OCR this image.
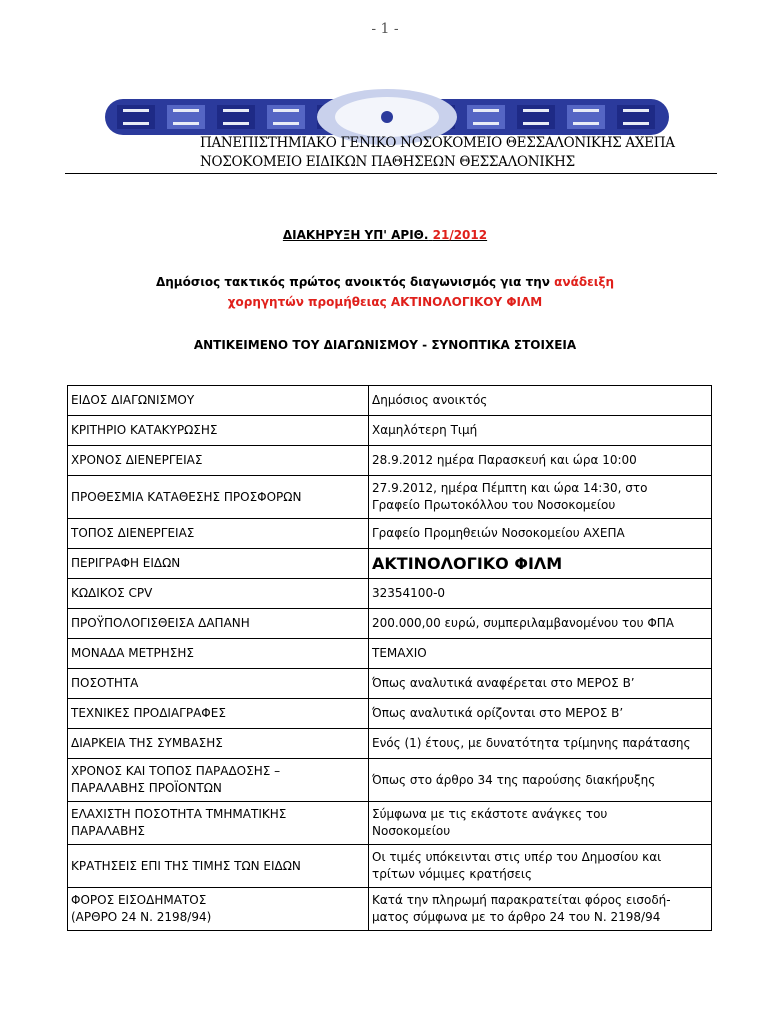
- 1 -
ΠΑΝΕΠΙΣΤΗΜΙΑΚΟ ΓΕΝΙΚΟ ΝΟΣΟΚΟΜΕΙΟ ΘΕΣΣΑΛΟΝΙΚΗΣ ΑΧΕΠΑ
ΝΟΣΟΚΟΜΕΙΟ ΕΙΔΙΚΩΝ ΠΑΘΗΣΕΩΝ ΘΕΣΣΑΛΟΝΙΚΗΣ
ΔΙΑΚΗΡΥΞΗ ΥΠ' ΑΡΙΘ. 21/2012
Δημόσιος τακτικός πρώτος ανοικτός διαγωνισμός για την ανάδειξη
χορηγητών προμήθειας ΑΚΤΙΝΟΛΟΓΙΚΟΥ ΦΙΛΜ
ΑΝΤΙΚΕΙΜΕΝΟ ΤΟΥ ΔΙΑΓΩΝΙΣΜΟΥ - ΣΥΝΟΠΤΙΚΑ ΣΤΟΙΧΕΙΑ
ΕΙΔΟΣ ΔΙΑΓΩΝΙΣΜΟΥ	Δημόσιος ανοικτός
ΚΡΙΤΗΡΙΟ ΚΑΤΑΚΥΡΩΣΗΣ	Χαμηλότερη Τιμή
ΧΡΟΝΟΣ ΔΙΕΝΕΡΓΕΙΑΣ	28.9.2012 ημέρα Παρασκευή και ώρα 10:00
ΠΡΟΘΕΣΜΙΑ ΚΑΤΑΘΕΣΗΣ ΠΡΟΣΦΟΡΩΝ	27.9.2012, ημέρα Πέμπτη και ώρα 14:30, στο
Γραφείο Πρωτοκόλλου του Νοσοκομείου
ΤΟΠΟΣ ΔΙΕΝΕΡΓΕΙΑΣ	Γραφείο Προμηθειών Νοσοκομείου ΑΧΕΠΑ
ΠΕΡΙΓΡΑΦΗ ΕΙΔΩΝ	ΑΚΤΙΝΟΛΟΓΙΚΟ ΦΙΛΜ
ΚΩΔΙΚΟΣ CPV	32354100-0
ΠΡΟΫΠΟΛΟΓΙΣΘΕΙΣΑ ΔΑΠΑΝΗ	200.000,00 ευρώ, συμπεριλαμβανομένου του ΦΠΑ
ΜΟΝΑΔΑ ΜΕΤΡΗΣΗΣ	ΤΕΜΑΧΙΟ
ΠΟΣΟΤΗΤΑ	Όπως αναλυτικά αναφέρεται στο ΜΕΡΟΣ Β’
ΤΕΧΝΙΚΕΣ ΠΡΟΔΙΑΓΡΑΦΕΣ	Όπως αναλυτικά ορίζονται στο ΜΕΡΟΣ Β’
ΔΙΑΡΚΕΙΑ ΤΗΣ ΣΥΜΒΑΣΗΣ	Ενός (1) έτους, με δυνατότητα τρίμηνης παράτασης
ΧΡΟΝΟΣ ΚΑΙ ΤΟΠΟΣ ΠΑΡΑΔΟΣΗΣ –
ΠΑΡΑΛΑΒΗΣ ΠΡΟΪΟΝΤΩΝ	Όπως στο άρθρο 34 της παρούσης διακήρυξης
ΕΛΑΧΙΣΤΗ ΠΟΣΟΤΗΤΑ ΤΜΗΜΑΤΙΚΗΣ
ΠΑΡΑΛΑΒΗΣ	Σύμφωνα με τις εκάστοτε ανάγκες του
Νοσοκομείου
ΚΡΑΤΗΣΕΙΣ ΕΠΙ ΤΗΣ ΤΙΜΗΣ ΤΩΝ ΕΙΔΩΝ	Οι τιμές υπόκεινται στις υπέρ του Δημοσίου και
τρίτων νόμιμες κρατήσεις
ΦΟΡΟΣ ΕΙΣΟΔΗΜΑΤΟΣ
(ΑΡΘΡΟ 24 Ν. 2198/94)	Κατά την πληρωμή παρακρατείται φόρος εισοδή-
ματος σύμφωνα με το άρθρο 24 του Ν. 2198/94
